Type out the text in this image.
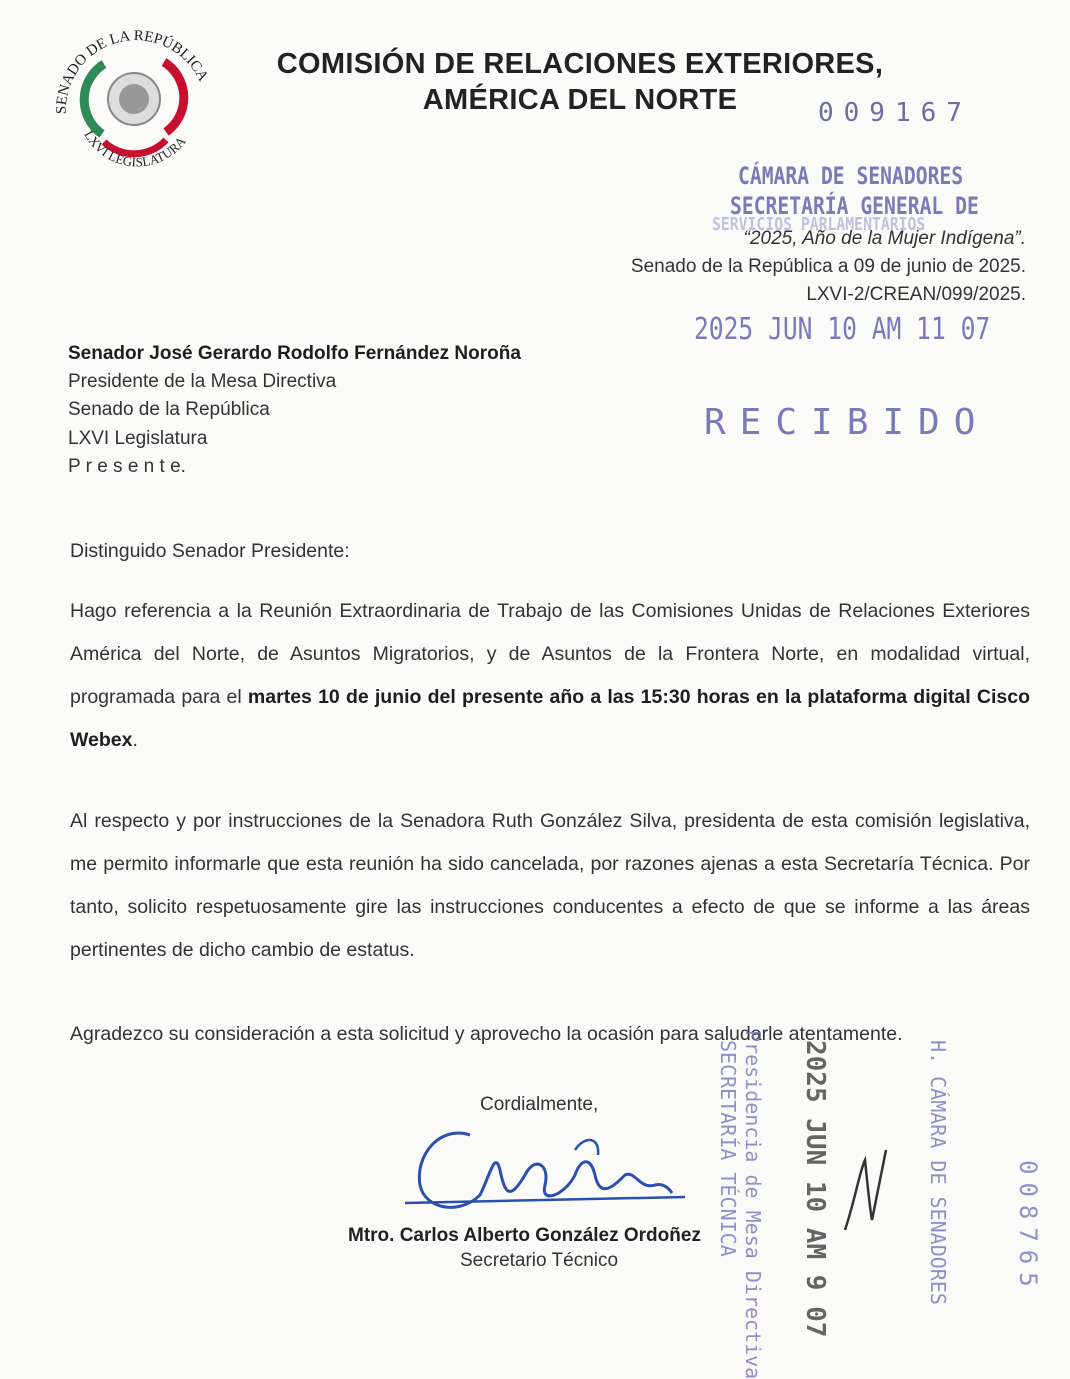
SENADO DE LA REPÚBLICA
LXVI LEGISLATURA
COMISIÓN DE RELACIONES EXTERIORES,
AMÉRICA DEL NORTE	009167
CÁMARA DE SENADORES
SECRETARÍA GENERAL DE
SERVICIOS PARLAMENTARIOS
“2025, Año de la Mujer Indígena”.
Senado de la República a 09 de junio de 2025.
LXVI-2/CREAN/099/2025.
2025 JUN 10 AM 11 07
RECIBIDO
Senador José Gerardo Rodolfo Fernández Noroña
Presidente de la Mesa Directiva
Senado de la República
LXVI Legislatura
P r e s e n t e.
Distinguido Senador Presidente:
Hago referencia a la Reunión Extraordinaria de Trabajo de las Comisiones Unidas de Relaciones Exteriores América del Norte, de Asuntos Migratorios, y de Asuntos de la Frontera Norte, en modalidad virtual, programada para el martes 10 de junio del presente año a las 15:30 horas en la plataforma digital Cisco Webex.
Al respecto y por instrucciones de la Senadora Ruth González Silva, presidenta de esta comisión legislativa, me permito informarle que esta reunión ha sido cancelada, por razones ajenas a esta Secretaría Técnica. Por tanto, solicito respetuosamente gire las instrucciones conducentes a efecto de que se informe a las áreas pertinentes de dicho cambio de estatus.
Agradezco su consideración a esta solicitud y aprovecho la ocasión para saludarle atentamente.
Cordialmente,
Mtro. Carlos Alberto González Ordoñez
Secretario Técnico	Presidencia de Mesa Directiva
SECRETARÍA TÉCNICA 2025 JUN 10 AM 9 07	H. CÁMARA DE SENADORES	008765
